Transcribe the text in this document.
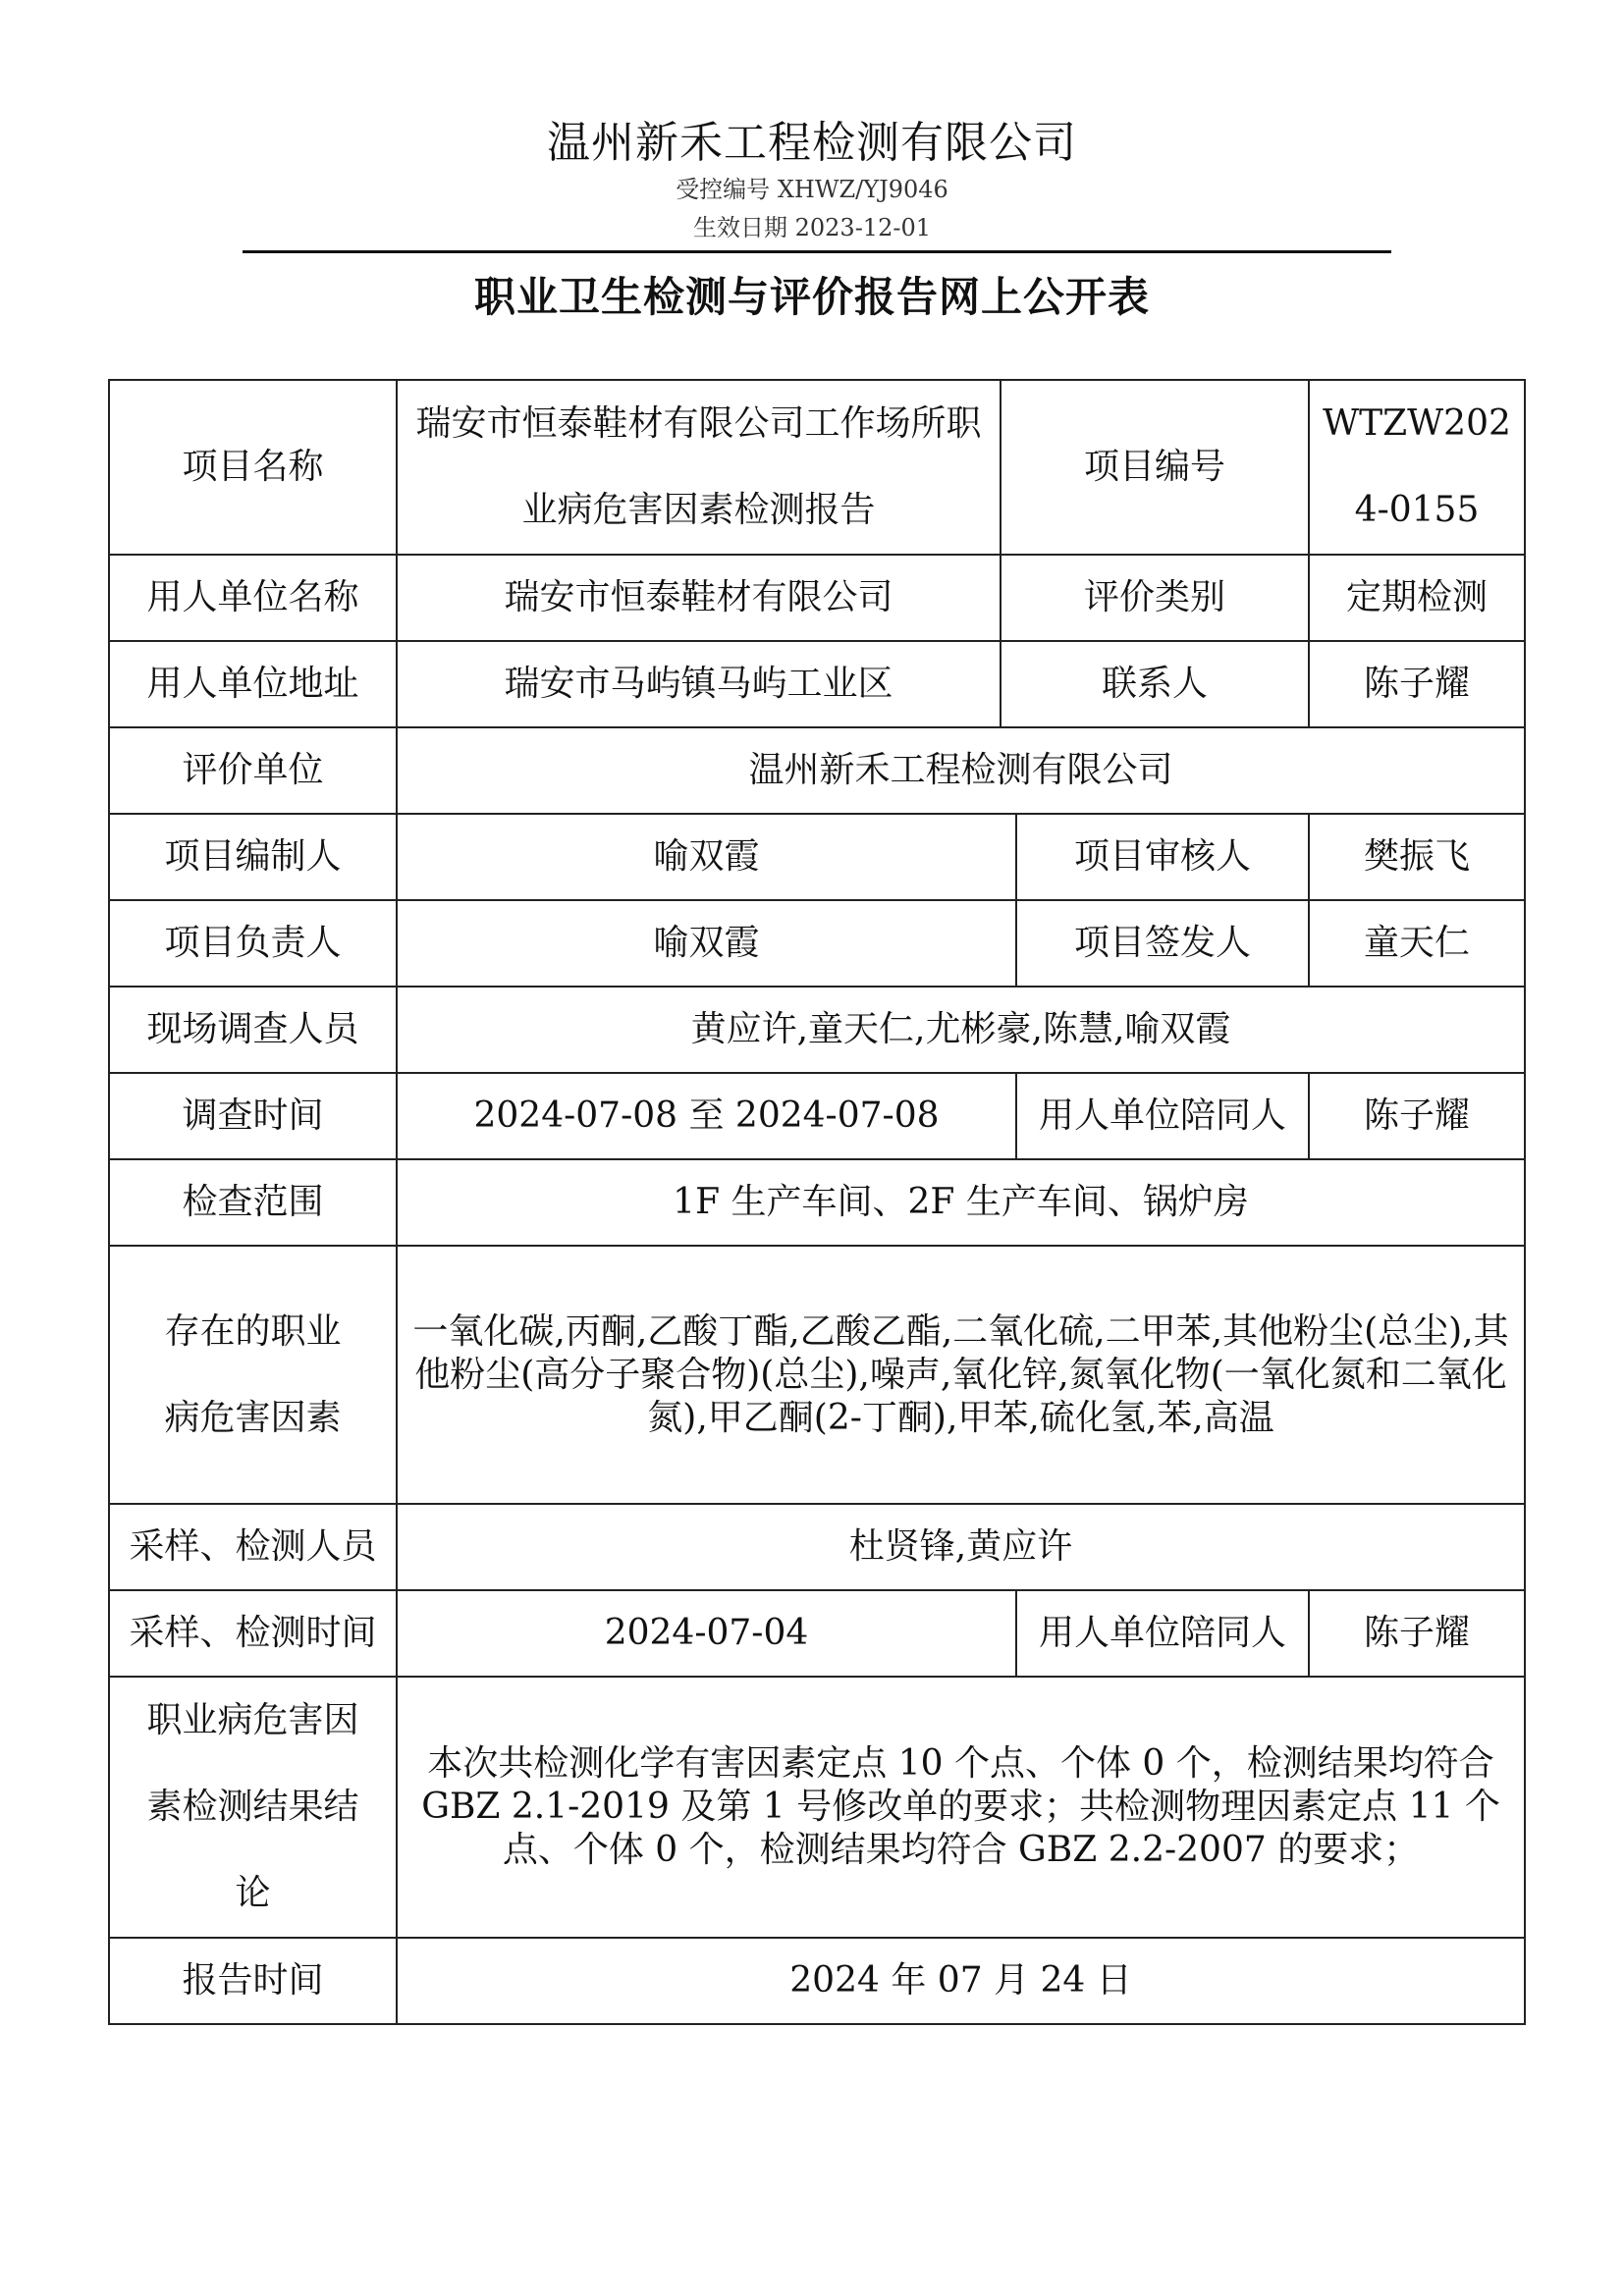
温州新禾工程检测有限公司
受控编号 XHWZ/YJ9046
生效日期 2023-12-01
职业卫生检测与评价报告网上公开表
项目名称	瑞安市恒泰鞋材有限公司工作场所职业病危害因素检测报告	项目编号		WTZW2024-0155
用人单位名称	瑞安市恒泰鞋材有限公司	评价类别		定期检测
用人单位地址	瑞安市马屿镇马屿工业区	联系人		陈子耀
评价单位	温州新禾工程检测有限公司			
项目编制人	喻双霞		项目审核人	樊振飞
项目负责人	喻双霞		项目签发人	童天仁
现场调查人员	黄应许,童天仁,尤彬豪,陈慧,喻双霞			
调查时间	2024-07-08 至 2024-07-08		用人单位陪同人	陈子耀
检查范围	1F 生产车间、2F 生产车间、锅炉房			
存在的职业病危害因素	一氧化碳,丙酮,乙酸丁酯,乙酸乙酯,二氧化硫,二甲苯,其他粉尘(总尘),其他粉尘(高分子聚合物)(总尘),噪声,氧化锌,氮氧化物(一氧化氮和二氧化氮),甲乙酮(2-丁酮),甲苯,硫化氢,苯,高温			
采样、检测人员	杜贤锋,黄应许			
采样、检测时间	2024-07-04		用人单位陪同人	陈子耀
职业病危害因素检测结果结论	本次共检测化学有害因素定点 10 个点、个体 0 个，检测结果均符合 GBZ 2.1-2019 及第 1 号修改单的要求；共检测物理因素定点 11 个点、个体 0 个，检测结果均符合 GBZ 2.2-2007 的要求；			
报告时间	2024 年 07 月 24 日			
